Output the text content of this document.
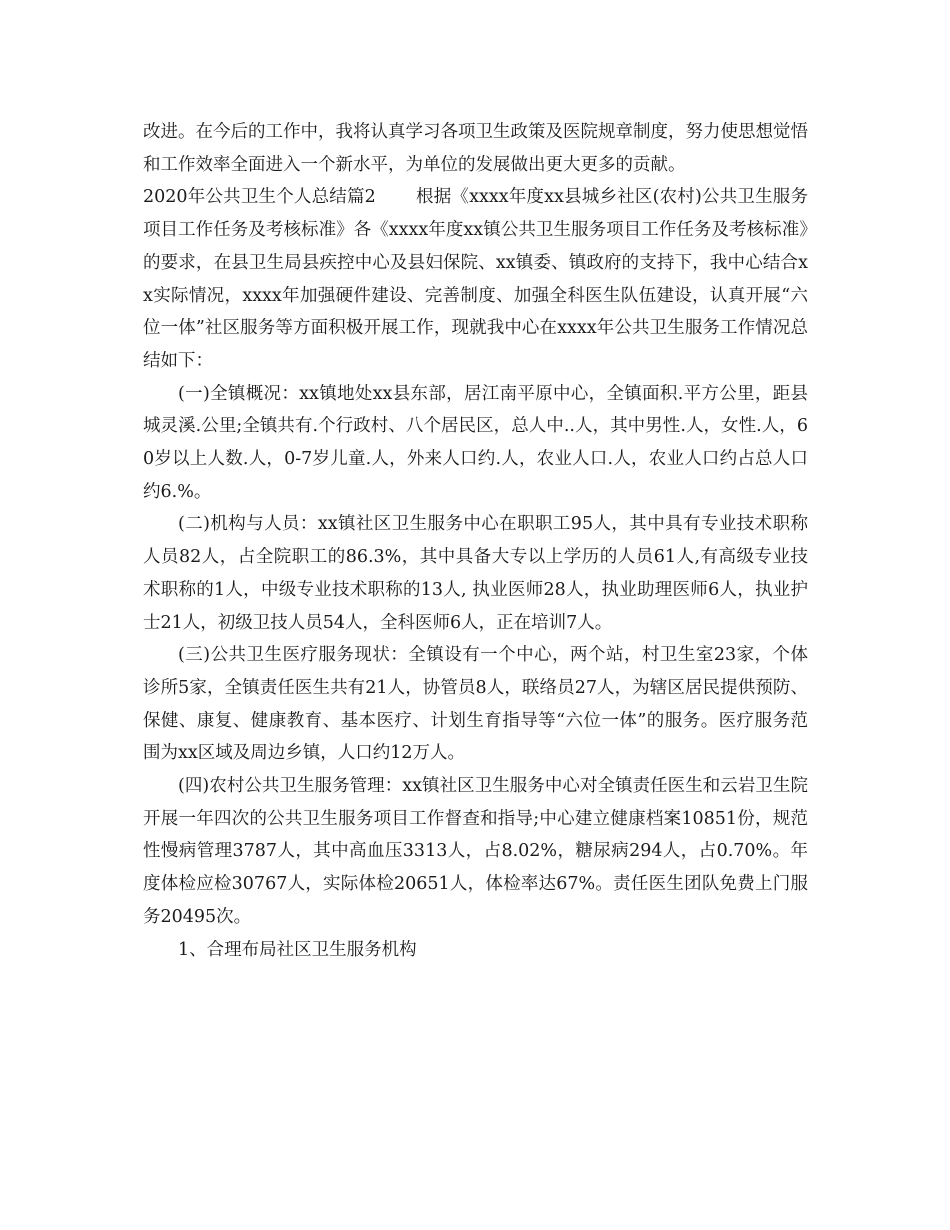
改进。在今后的工作中，我将认真学习各项卫生政策及医院规章制度，努力使思想觉悟和工作效率全面进入一个新水平，为单位的发展做出更大更多的贡献。

2020年公共卫生个人总结篇2 根据《xxxx年度xx县城乡社区(农村)公共卫生服务项目工作任务及考核标准》各《xxxx年度xx镇公共卫生服务项目工作任务及考核标准》的要求，在县卫生局县疾控中心及县妇保院、xx镇委、镇政府的支持下，我中心结合xx实际情况，xxxx年加强硬件建设、完善制度、加强全科医生队伍建设，认真开展“六位一体”社区服务等方面积极开展工作，现就我中心在xxxx年公共卫生服务工作情况总结如下：

(一)全镇概况：xx镇地处xx县东部，居江南平原中心，全镇面积.平方公里，距县城灵溪.公里;全镇共有.个行政村、八个居民区，总人中..人，其中男性.人，女性.人，60岁以上人数.人，0-7岁儿童.人，外来人口约.人，农业人口.人，农业人口约占总人口约6.%。

(二)机构与人员：xx镇社区卫生服务中心在职职工95人，其中具有专业技术职称人员82人，占全院职工的86.3%，其中具备大专以上学历的人员61人,有高级专业技术职称的1人，中级专业技术职称的13人, 执业医师28人，执业助理医师6人，执业护士21人，初级卫技人员54人，全科医师6人，正在培训7人。

(三)公共卫生医疗服务现状：全镇设有一个中心，两个站，村卫生室23家，个体诊所5家，全镇责任医生共有21人，协管员8人，联络员27人，为辖区居民提供预防、保健、康复、健康教育、基本医疗、计划生育指导等“六位一体”的服务。医疗服务范围为xx区域及周边乡镇，人口约12万人。

(四)农村公共卫生服务管理：xx镇社区卫生服务中心对全镇责任医生和云岩卫生院开展一年四次的公共卫生服务项目工作督查和指导;中心建立健康档案10851份，规范性慢病管理3787人，其中高血压3313人，占8.02%，糖尿病294人，占0.70%。年度体检应检30767人，实际体检20651人，体检率达67%。责任医生团队免费上门服务20495次。

1、合理布局社区卫生服务机构
